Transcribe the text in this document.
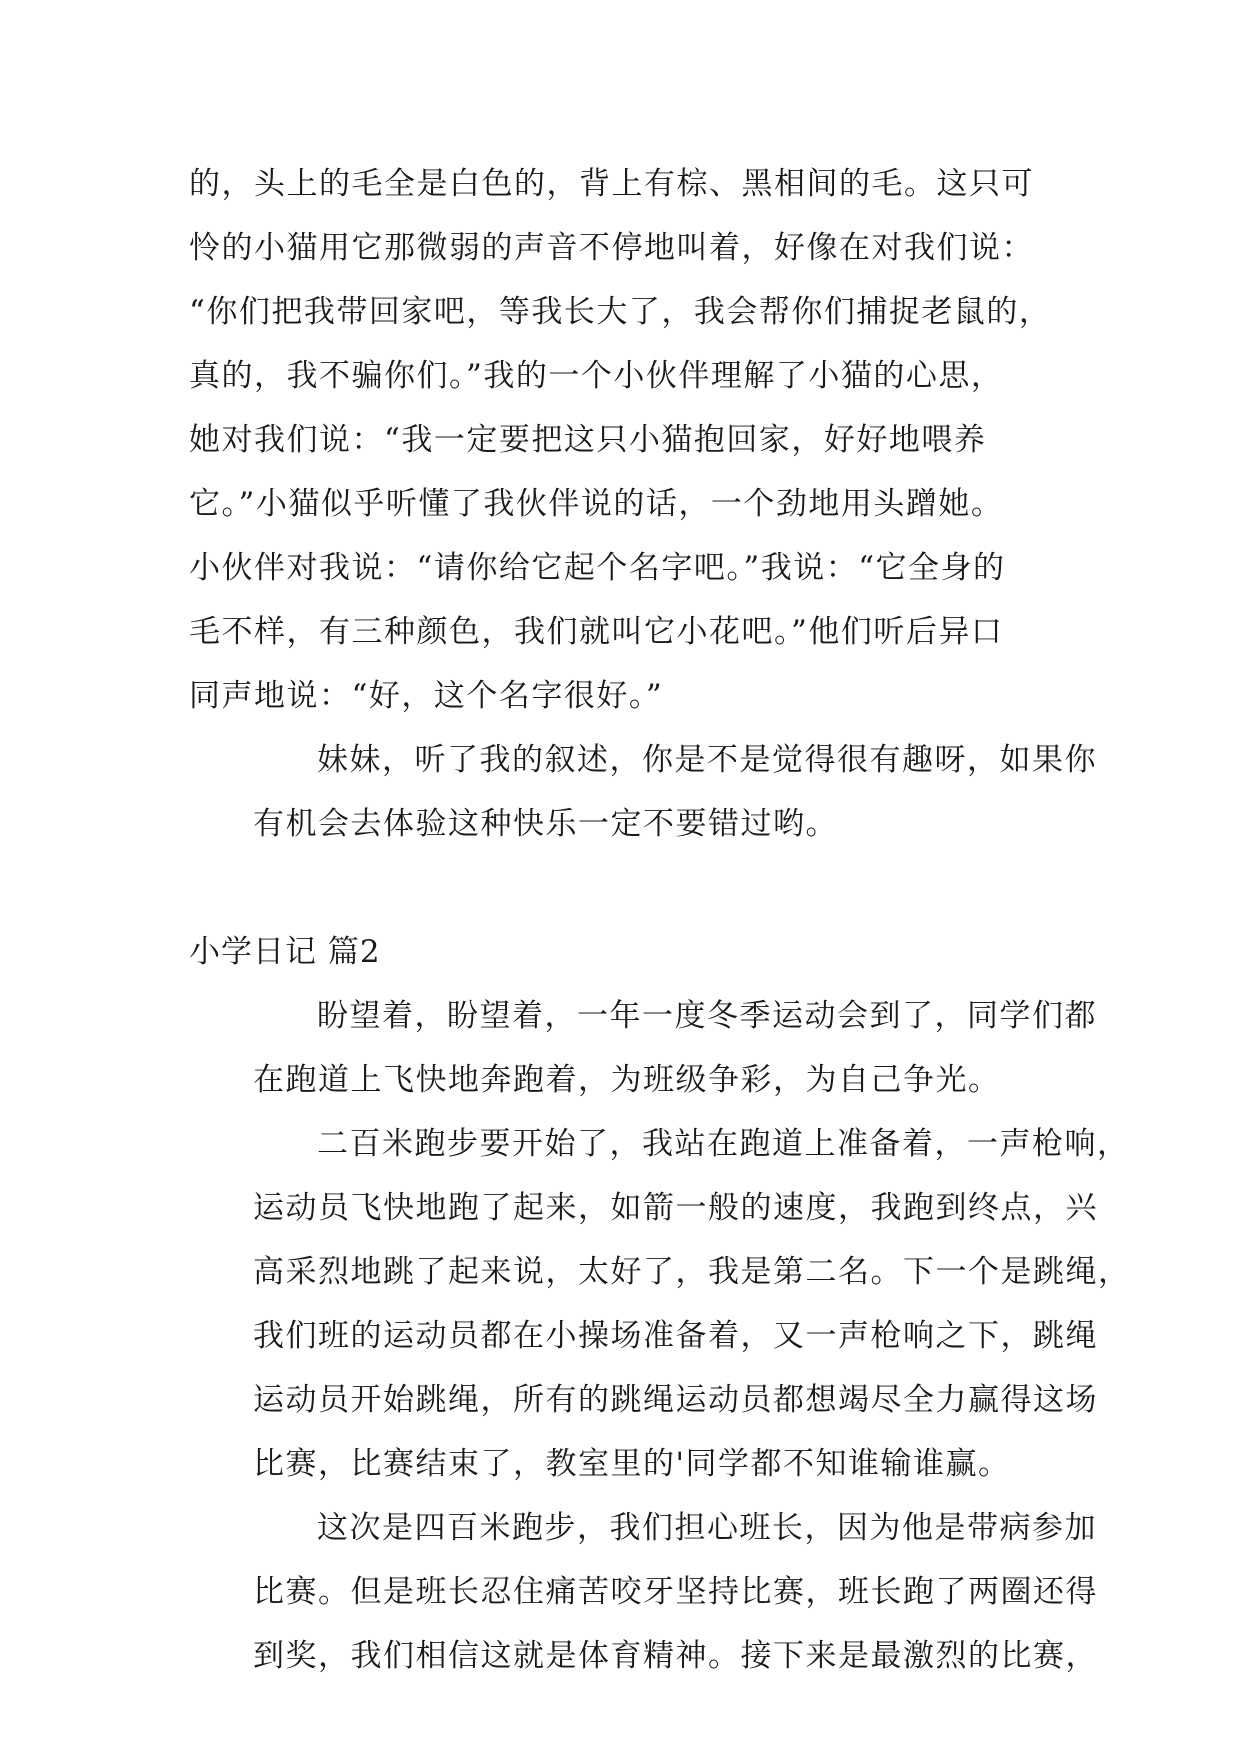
的，头上的毛全是白色的，背上有棕、黑相间的毛。这只可
怜的小猫用它那微弱的声音不停地叫着，好像在对我们说：
“你们把我带回家吧，等我长大了，我会帮你们捕捉老鼠的，
真的，我不骗你们。”我的一个小伙伴理解了小猫的心思，
她对我们说：“我一定要把这只小猫抱回家，好好地喂养
它。”小猫似乎听懂了我伙伴说的话，一个劲地用头蹭她。
小伙伴对我说：“请你给它起个名字吧。”我说：“它全身的
毛不样，有三种颜色，我们就叫它小花吧。”他们听后异口
同声地说：“好，这个名字很好。”
妹妹，听了我的叙述，你是不是觉得很有趣呀，如果你
有机会去体验这种快乐一定不要错过哟。
小学日记 篇2
盼望着，盼望着，一年一度冬季运动会到了，同学们都
在跑道上飞快地奔跑着，为班级争彩，为自己争光。
二百米跑步要开始了，我站在跑道上准备着，一声枪响，
运动员飞快地跑了起来，如箭一般的速度，我跑到终点，兴
高采烈地跳了起来说，太好了，我是第二名。下一个是跳绳，
我们班的运动员都在小操场准备着，又一声枪响之下，跳绳
运动员开始跳绳，所有的跳绳运动员都想竭尽全力赢得这场
比赛，比赛结束了，教室里的'同学都不知谁输谁赢。
这次是四百米跑步，我们担心班长，因为他是带病参加
比赛。但是班长忍住痛苦咬牙坚持比赛，班长跑了两圈还得
到奖，我们相信这就是体育精神。接下来是最激烈的比赛，
